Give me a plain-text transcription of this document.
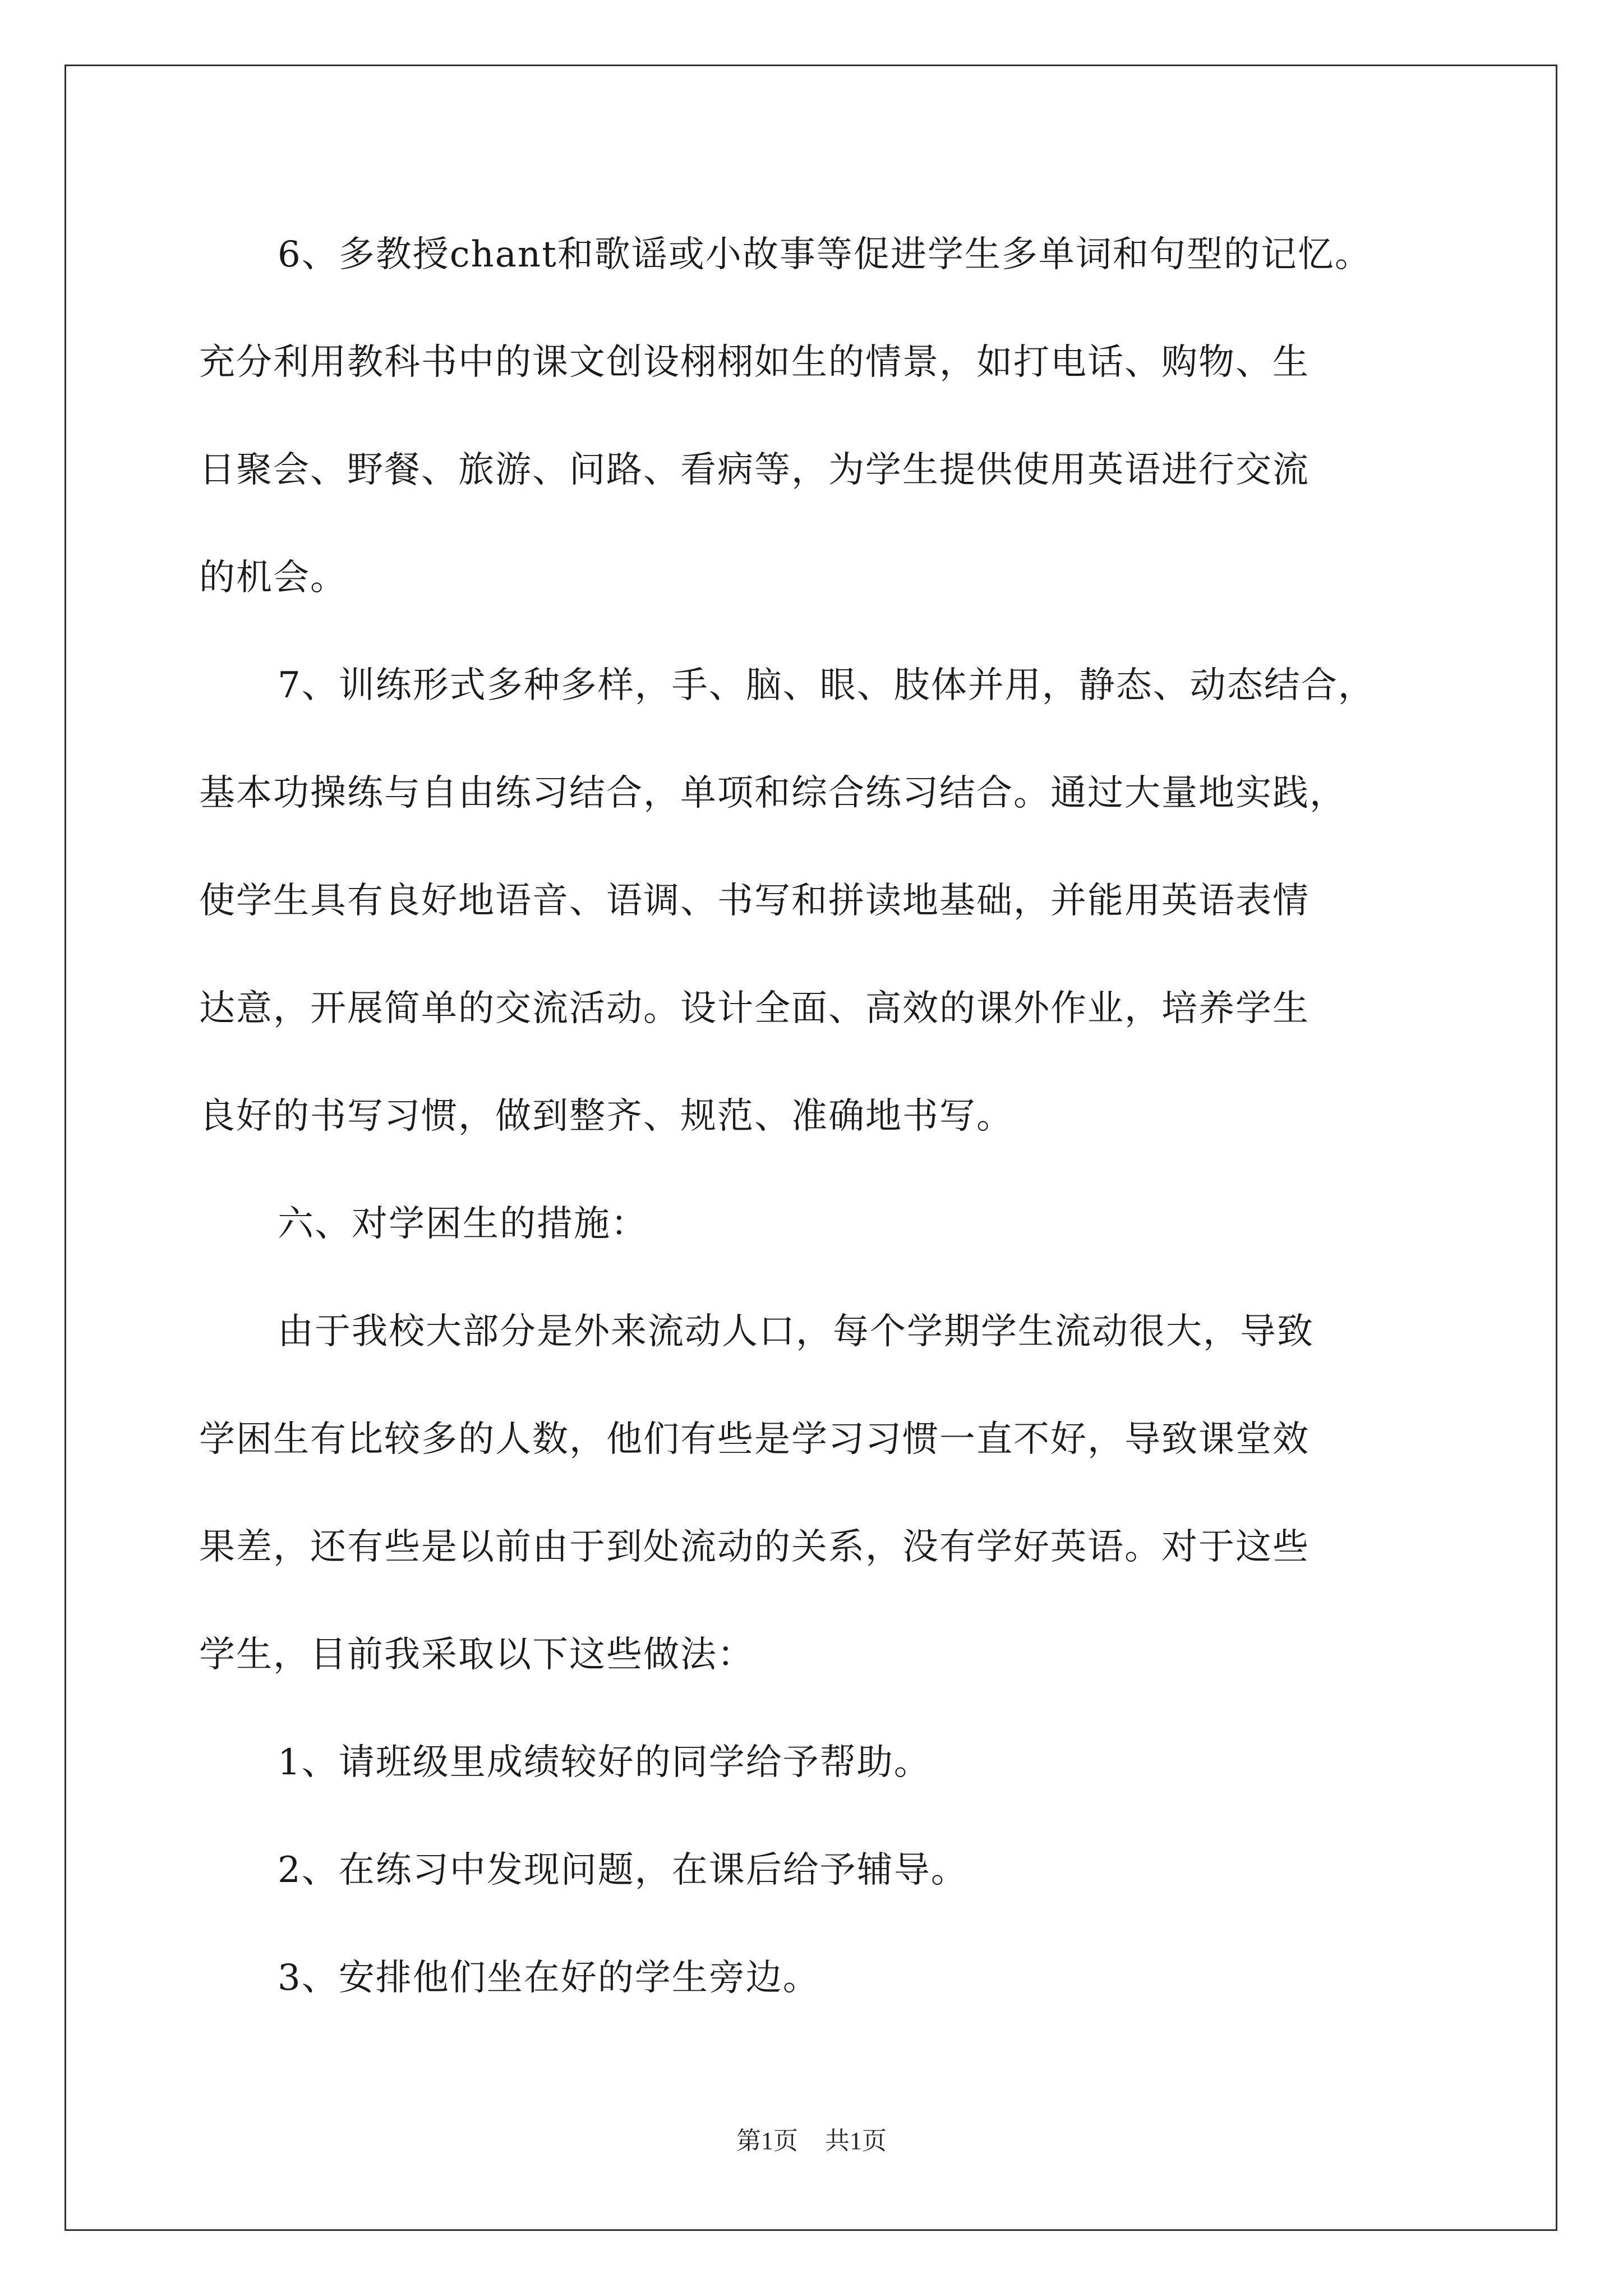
6、多教授chant和歌谣或小故事等促进学生多单词和句型的记忆。
充分利用教科书中的课文创设栩栩如生的情景，如打电话、购物、生
日聚会、野餐、旅游、问路、看病等，为学生提供使用英语进行交流
的机会。
7、训练形式多种多样，手、脑、眼、肢体并用，静态、动态结合，
基本功操练与自由练习结合，单项和综合练习结合。通过大量地实践，
使学生具有良好地语音、语调、书写和拼读地基础，并能用英语表情
达意，开展简单的交流活动。设计全面、高效的课外作业，培养学生
良好的书写习惯，做到整齐、规范、准确地书写。
六、对学困生的措施：
由于我校大部分是外来流动人口，每个学期学生流动很大，导致
学困生有比较多的人数，他们有些是学习习惯一直不好，导致课堂效
果差，还有些是以前由于到处流动的关系，没有学好英语。对于这些
学生，目前我采取以下这些做法：
1、请班级里成绩较好的同学给予帮助。
2、在练习中发现问题，在课后给予辅导。
3、安排他们坐在好的学生旁边。
第1页 共1页
